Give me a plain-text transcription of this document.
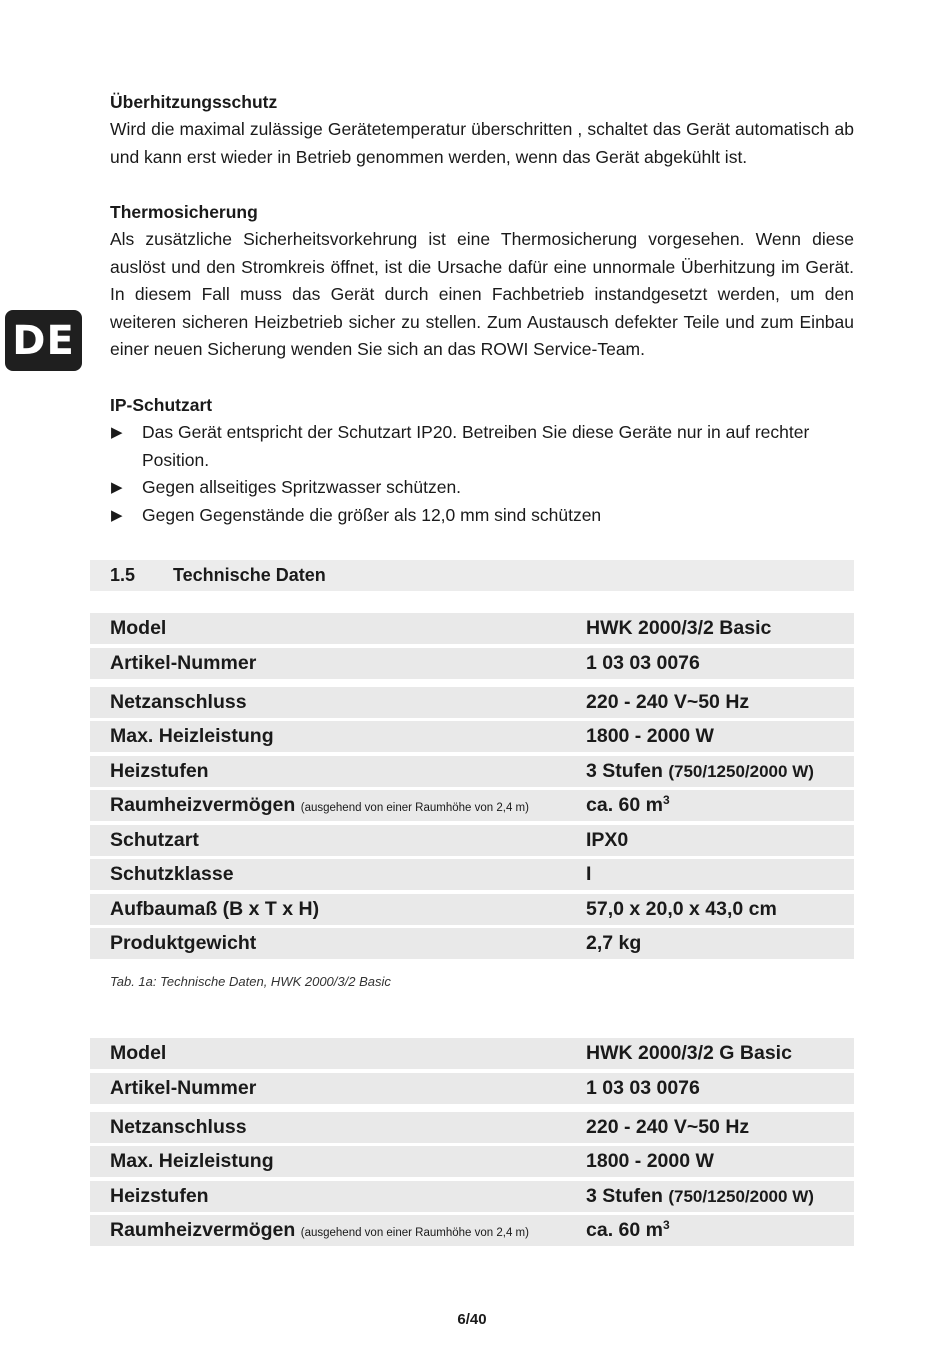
DE

Überhitzungsschutz

Wird die maximal zulässige Gerätetemperatur überschritten , schaltet das Gerät automatisch ab und kann erst wieder in Betrieb genommen werden, wenn das Gerät abgekühlt ist.

Thermosicherung

Als zusätzliche Sicherheitsvorkehrung ist eine Thermosicherung vorgesehen. Wenn diese auslöst und den Stromkreis öffnet, ist die Ursache dafür eine unnormale Überhitzung im Gerät. In diesem Fall muss das Gerät durch einen Fachbetrieb instandgesetzt werden, um den weiteren sicheren Heizbetrieb sicher zu stellen. Zum Austausch defekter Teile und zum Einbau einer neuen Sicherung wenden Sie sich an das ROWI Service-Team.

IP-Schutzart

▶ Das Gerät entspricht der Schutzart IP20. Betreiben Sie diese Geräte nur in auf rechter Position.
▶ Gegen allseitiges Spritzwasser schützen.
▶ Gegen Gegenstände die größer als 12,0 mm sind schützen
1.5 Technische Daten
Model	HWK 2000/3/2 Basic
Artikel-Nummer	1 03 03 0076
Netzanschluss	220 - 240 V~50 Hz
Max. Heizleistung	1800 - 2000 W
Heizstufen	3 Stufen (750/1250/2000 W)
Raumheizvermögen (ausgehend von einer Raumhöhe von 2,4 m)	ca. 60 $m^3$
Schutzart	IPX0
Schutzklasse	I
Aufbaumaß (B x T x H)	57,0 x 20,0 x 43,0 cm
Produktgewicht	2,7 kg
Tab. 1a: Technische Daten, HWK 2000/3/2 Basic
Model	HWK 2000/3/2 G Basic
Artikel-Nummer	1 03 03 0076
Netzanschluss	220 - 240 V~50 Hz
Max. Heizleistung	1800 - 2000 W
Heizstufen	3 Stufen (750/1250/2000 W)
Raumheizvermögen (ausgehend von einer Raumhöhe von 2,4 m)	ca. 60 $m^3$
6/40
